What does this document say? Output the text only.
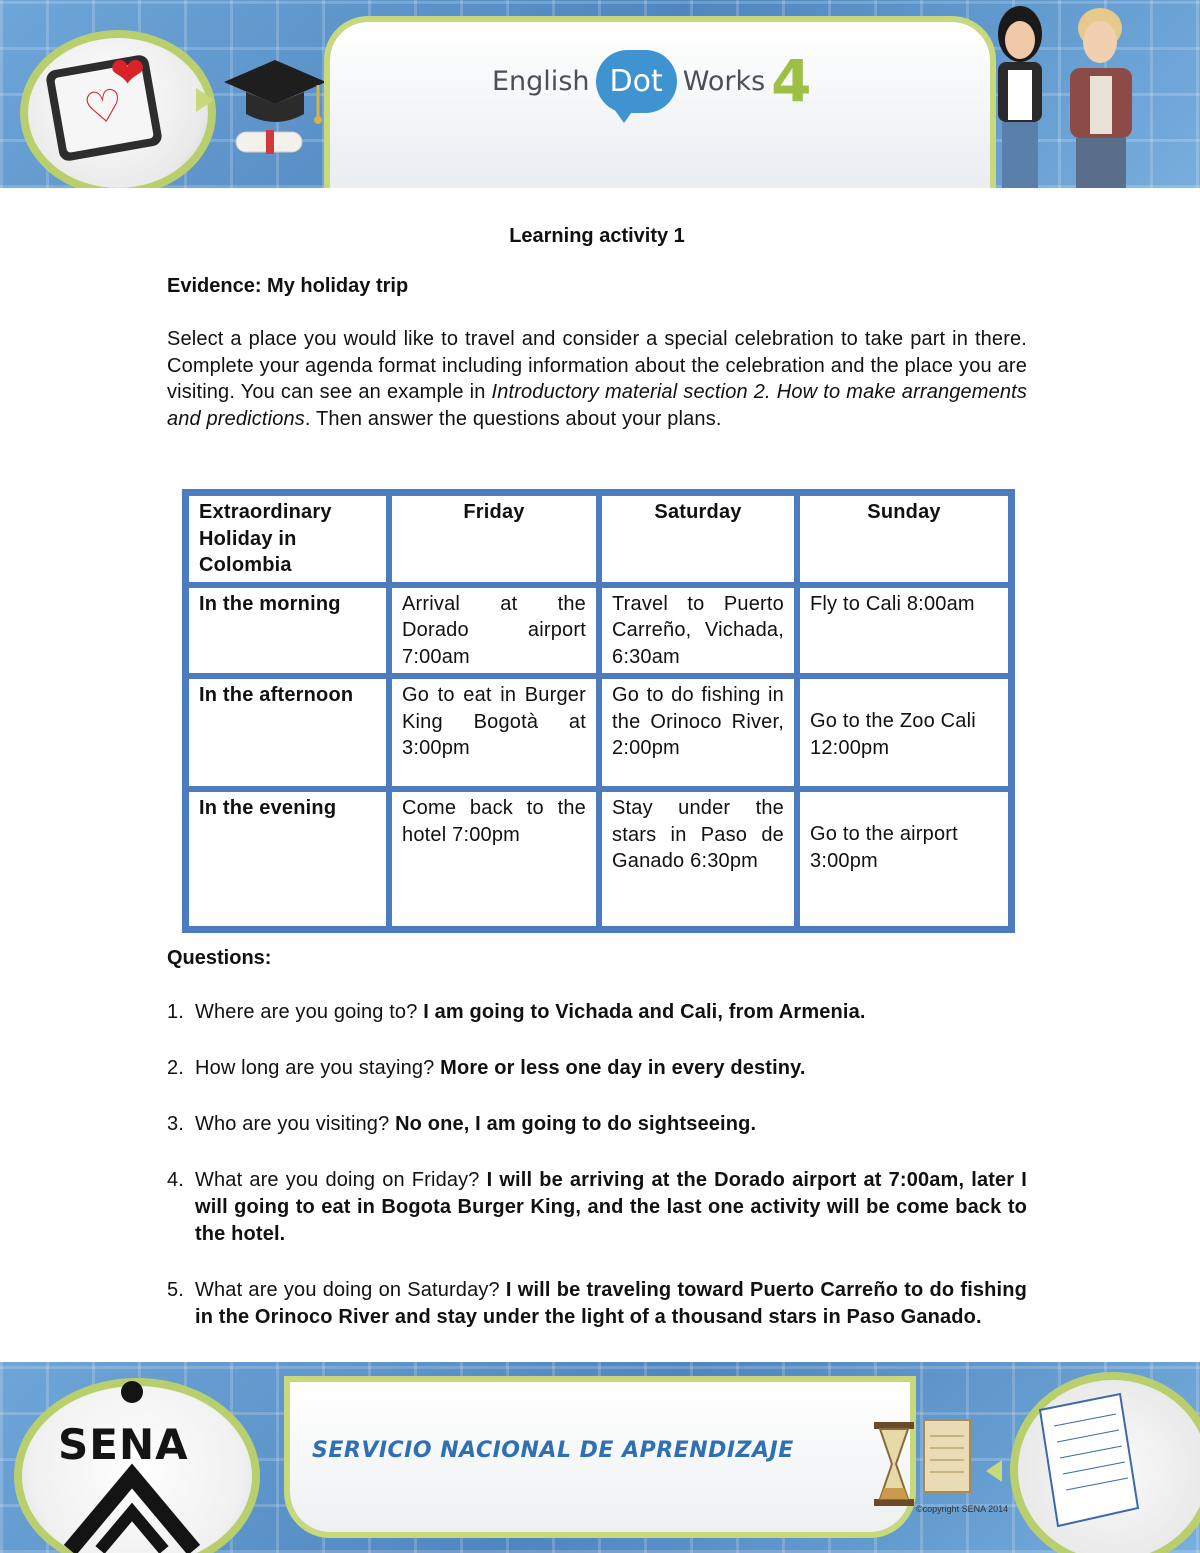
♡
❤	English Dot Works 4

Learning activity 1

Evidence: My holiday trip

Select a place you would like to travel and consider a special celebration to take part in there. Complete your agenda format including information about the celebration and the place you are visiting. You can see an example in Introductory material section 2. How to make arrangements and predictions. Then answer the questions about your plans.

Extraordinary Holiday in Colombia	Friday	Saturday	Sunday
In the morning	Arrival at the Dorado airport 7:00am	Travel to Puerto Carreño, Vichada, 6:30am	Fly to Cali 8:00am
In the afternoon	Go to eat in Burger King Bogotà at 3:00pm	Go to do fishing in the Orinoco River, 2:00pm	Go to the Zoo Cali 12:00pm
In the evening	Come back to the hotel 7:00pm	Stay under the stars in Paso de Ganado 6:30pm	Go to the airport 3:00pm

Questions:

1. Where are you going to? I am going to Vichada and Cali, from Armenia.
2. How long are you staying? More or less one day in every destiny.
3. Who are you visiting? No one, I am going to do sightseeing.
4. What are you doing on Friday? I will be arriving at the Dorado airport at 7:00am, later I will going to eat in Bogota Burger King, and the last one activity will be come back to the hotel.
5. What are you doing on Saturday? I will be traveling toward Puerto Carreño to do fishing in the Orinoco River and stay under the light of a thousand stars in Paso Ganado.
SENA	SERVICIO NACIONAL DE APRENDIZAJE
©copyright SENA 2014
